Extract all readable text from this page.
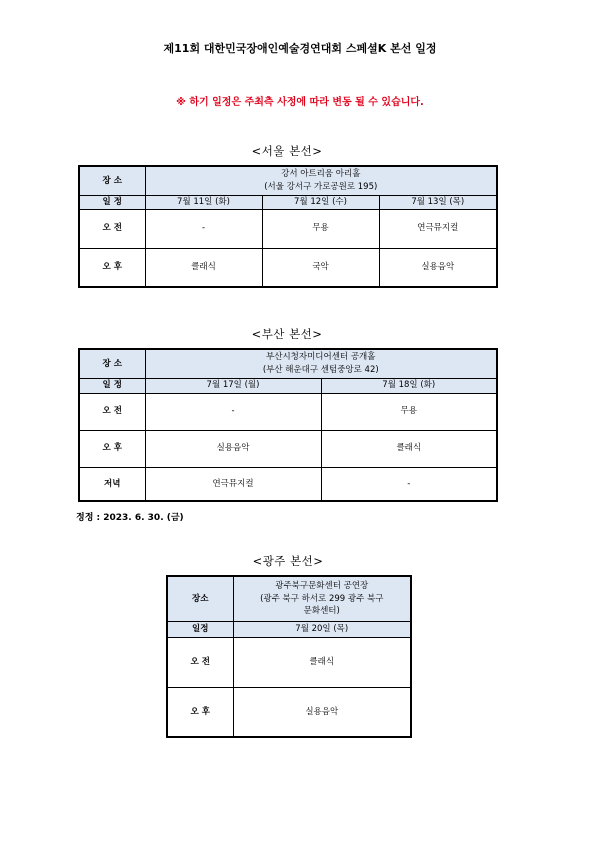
제11회 대한민국장애인예술경연대회 스페셜K 본선 일정
※ 하기 일정은 주최측 사정에 따라 변동 될 수 있습니다.
<서울 본선>
장 소	강서 아트리움 아리홀
(서울 강서구 가로공원로 195)		

일 정	7월 11일 (화)	7월 12일 (수)	7월 13일 (목)
오 전	-	무용	연극뮤지컬
오 후	클래식	국악	실용음악
<부산 본선>
장 소	부산시청자미디어센터 공개홀
(부산 해운대구 센텀중앙로 42)	

일 정	7월 17일 (월)	7월 18일 (화)
오 전	-	무용
오 후	실용음악	클래식
저녁	연극뮤지컬	-
정정 : 2023. 6. 30. (금)
<광주 본선>
장소	광주북구문화센터 공연장
(광주 북구 하서로 299 광주 북구
문화센터)

일정	7월 20일 (목)
오 전	클래식
오 후	실용음악
